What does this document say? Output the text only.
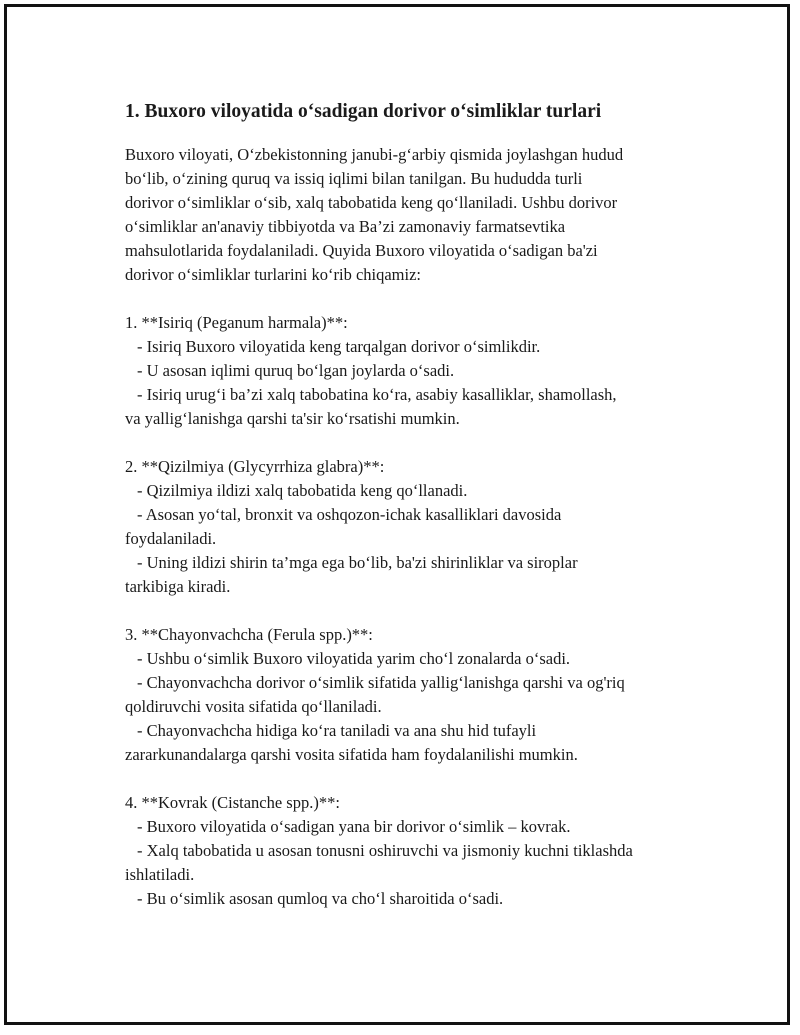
1. Buxoro viloyatida o‘sadigan dorivor o‘simliklar turlari

Buxoro viloyati, O‘zbekistonning janubi-g‘arbiy qismida joylashgan hudud
bo‘lib, o‘zining quruq va issiq iqlimi bilan tanilgan. Bu hududda turli
dorivor o‘simliklar o‘sib, xalq tabobatida keng qo‘llaniladi. Ushbu dorivor
o‘simliklar an'anaviy tibbiyotda va Ba’zi zamonaviy farmatsevtika
mahsulotlarida foydalaniladi. Quyida Buxoro viloyatida o‘sadigan ba'zi
dorivor o‘simliklar turlarini ko‘rib chiqamiz:

1. **Isiriq (Peganum harmala)**:
- Isiriq Buxoro viloyatida keng tarqalgan dorivor o‘simlikdir.
- U asosan iqlimi quruq bo‘lgan joylarda o‘sadi.
- Isiriq urug‘i ba’zi xalq tabobatina ko‘ra, asabiy kasalliklar, shamollash,
va yallig‘lanishga qarshi ta'sir ko‘rsatishi mumkin.
2. **Qizilmiya (Glycyrrhiza glabra)**:
- Qizilmiya ildizi xalq tabobatida keng qo‘llanadi.
- Asosan yo‘tal, bronxit va oshqozon-ichak kasalliklari davosida
foydalaniladi.
- Uning ildizi shirin ta’mga ega bo‘lib, ba'zi shirinliklar va siroplar
tarkibiga kiradi.
3. **Chayonvachcha (Ferula spp.)**:
- Ushbu o‘simlik Buxoro viloyatida yarim cho‘l zonalarda o‘sadi.
- Chayonvachcha dorivor o‘simlik sifatida yallig‘lanishga qarshi va og'riq
qoldiruvchi vosita sifatida qo‘llaniladi.
- Chayonvachcha hidiga ko‘ra taniladi va ana shu hid tufayli
zararkunandalarga qarshi vosita sifatida ham foydalanilishi mumkin.
4. **Kovrak (Cistanche spp.)**:
- Buxoro viloyatida o‘sadigan yana bir dorivor o‘simlik – kovrak.
- Xalq tabobatida u asosan tonusni oshiruvchi va jismoniy kuchni tiklashda
ishlatiladi.
- Bu o‘simlik asosan qumloq va cho‘l sharoitida o‘sadi.
